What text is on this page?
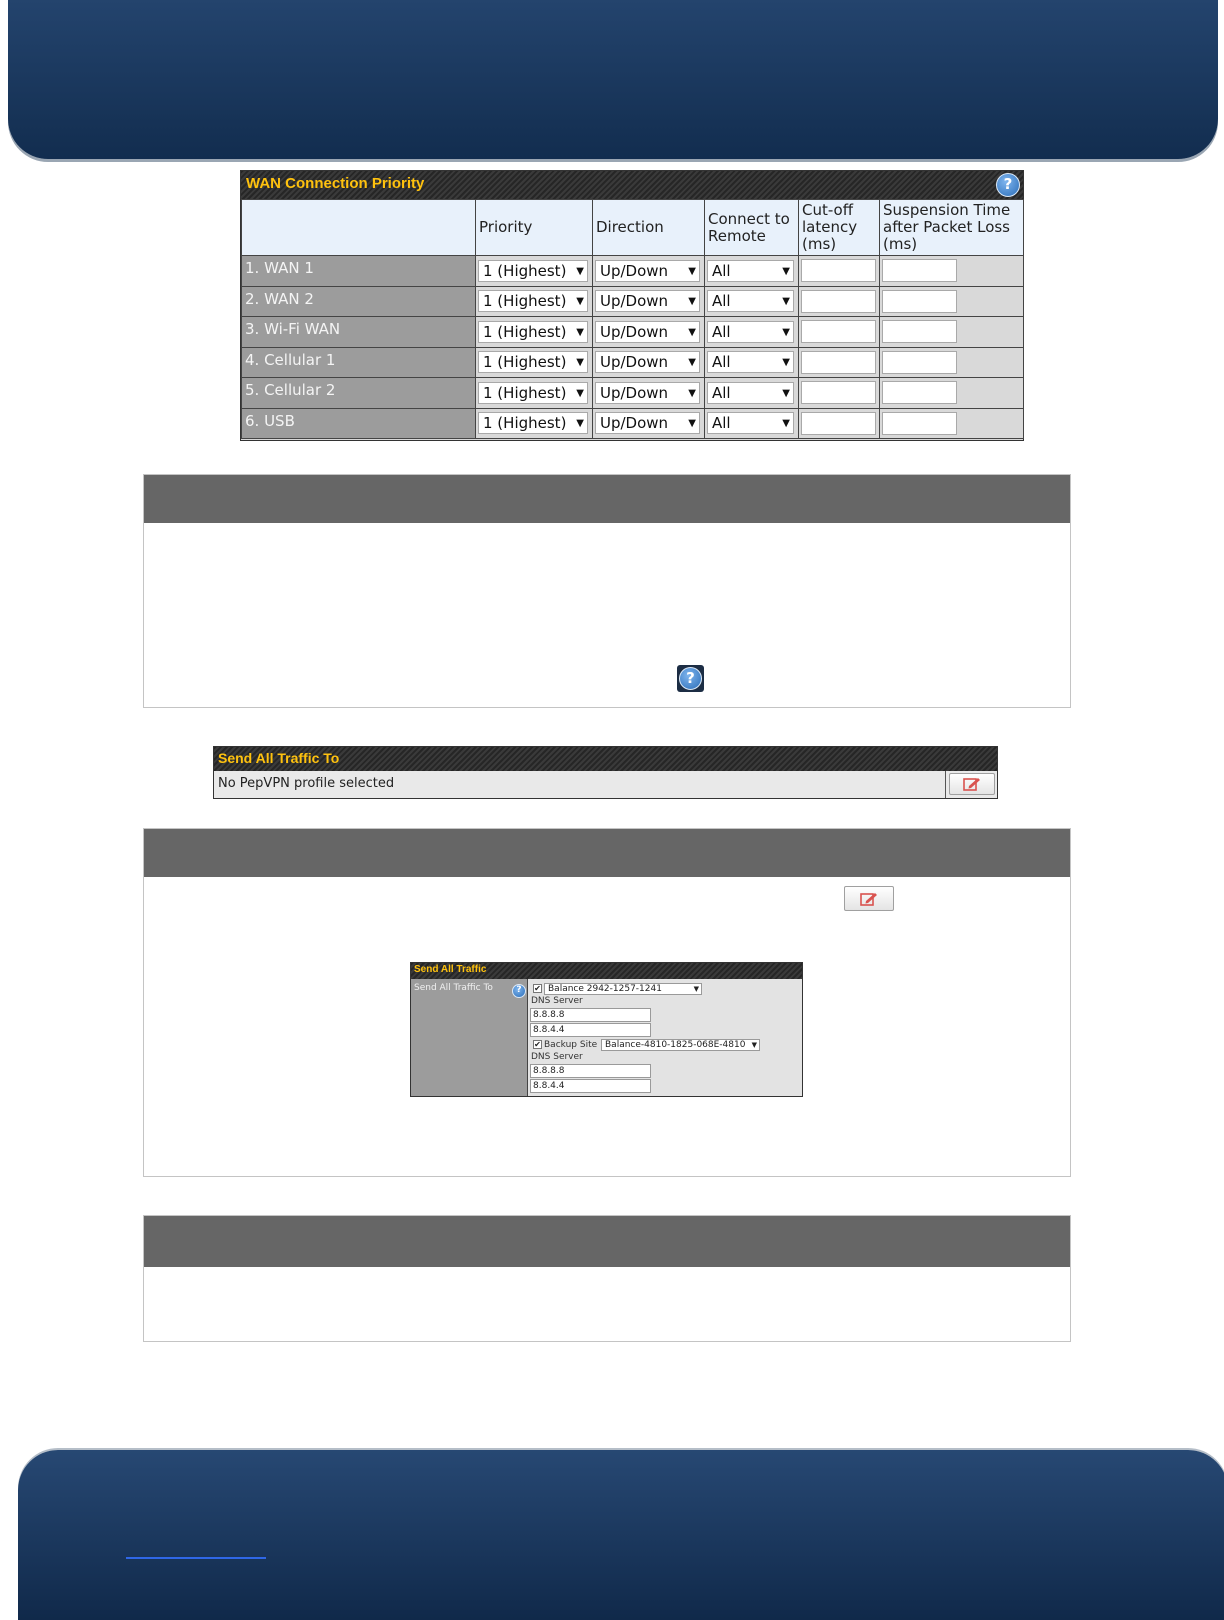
WAN Connection Priority	?
	Priority	Direction	Connect to Remote	Cut-off latency (ms)	Suspension Time after Packet Loss (ms)
1. WAN 1	1 (Highest) ▼	Up/Down ▼	All ▼		

2. WAN 2	1 (Highest) ▼	Up/Down ▼	All ▼		

3. Wi-Fi WAN	1 (Highest) ▼	Up/Down ▼	All ▼		

4. Cellular 1	1 (Highest) ▼	Up/Down ▼	All ▼		

5. Cellular 2	1 (Highest) ▼	Up/Down ▼	All ▼		

6. USB	1 (Highest) ▼	Up/Down ▼	All ▼		

?
Send All Traffic To
No PepVPN profile selected
Send All Traffic
Send All Traffic To	?	✔ Balance 2942-1257-1241	▼
DNS Server
8.8.8.8
8.8.4.4
✔ Backup Site Balance-4810-1825-068E-4810 ▼
DNS Server
8.8.8.8
8.8.4.4
